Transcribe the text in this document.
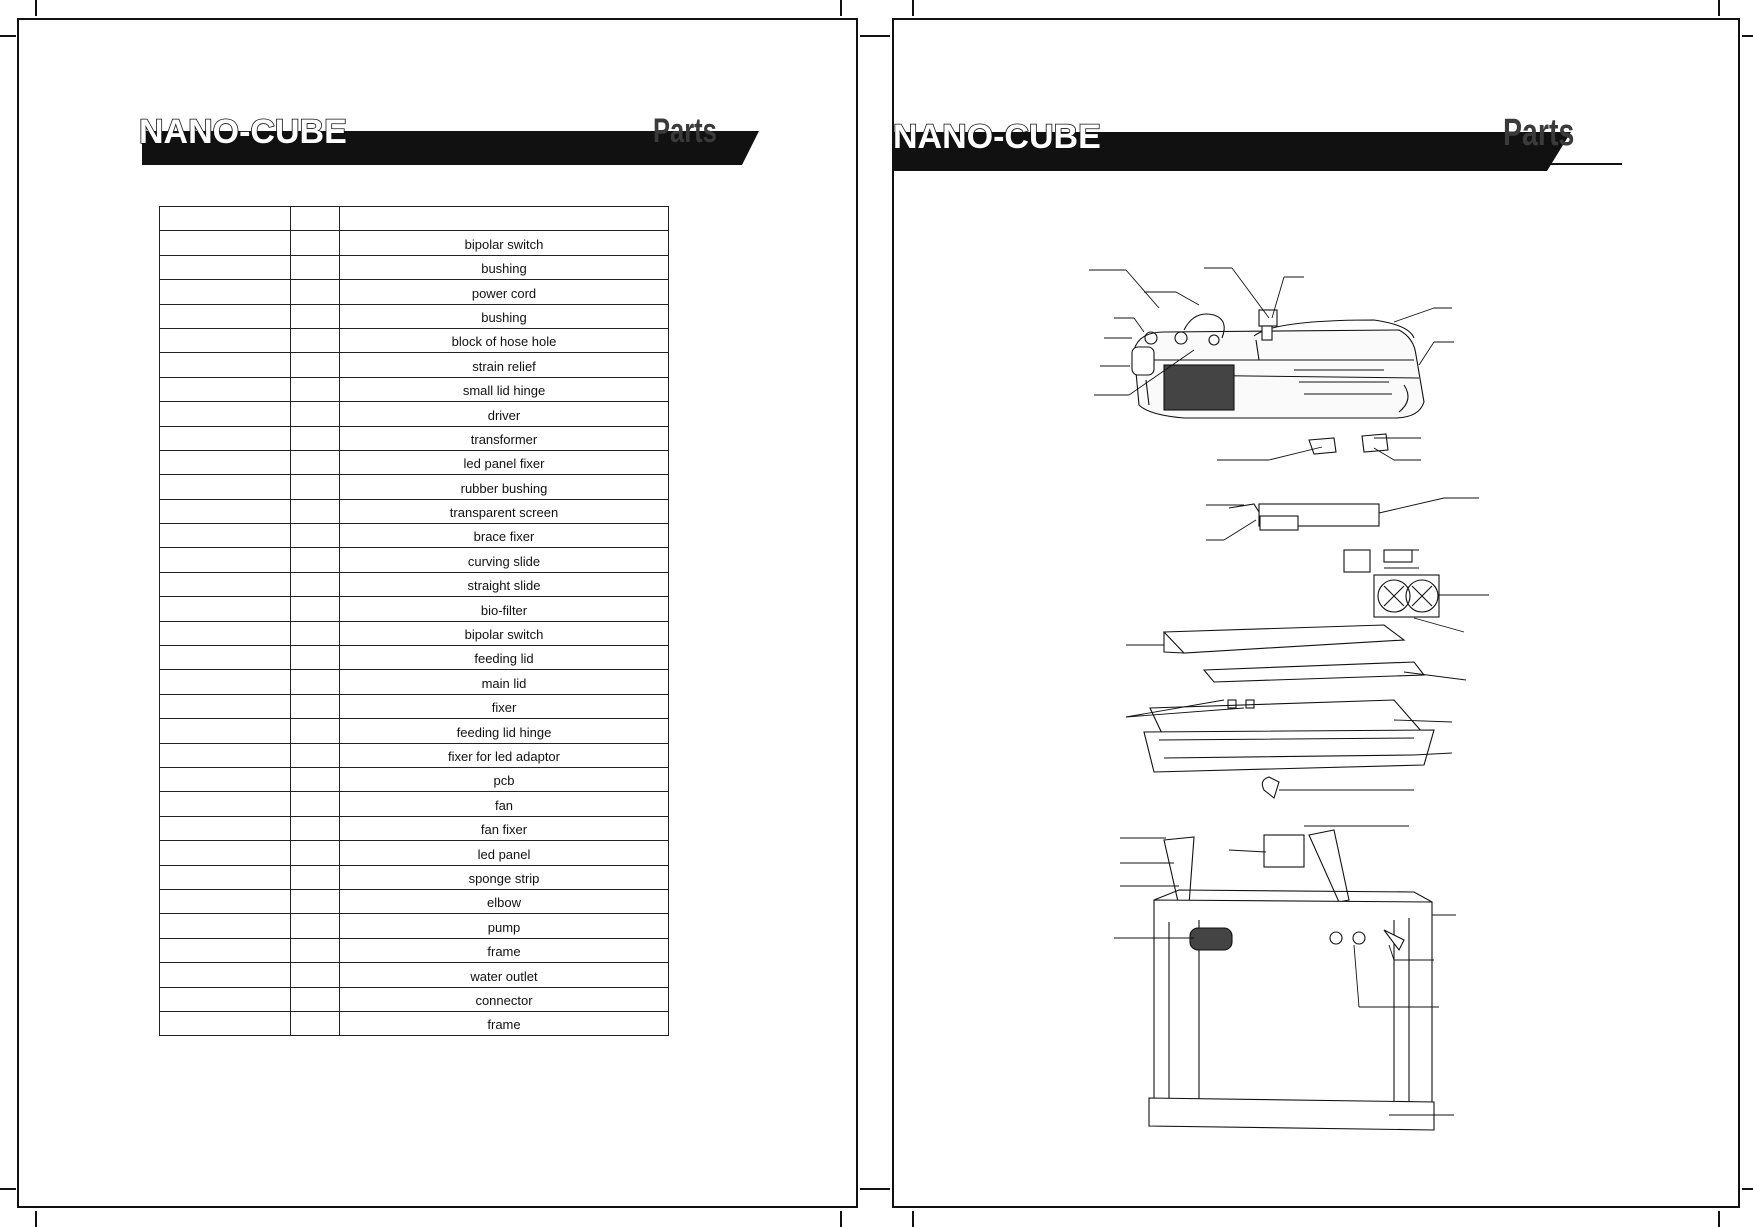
NANO-CUBE	Parts

		bipolar switch
		bushing
		power cord
		bushing
		block of hose hole
		strain relief
		small lid hinge
		driver
		transformer
		led panel fixer
		rubber bushing
		transparent screen
		brace fixer
		curving slide
		straight slide
		bio-filter
		bipolar switch
		feeding lid
		main lid
		fixer
		feeding lid hinge
		fixer for led adaptor
		pcb
		fan
		fan fixer
		led panel
		sponge strip
		elbow
		pump
		frame
		water outlet
		connector
		frame
NANO-CUBE	Parts
